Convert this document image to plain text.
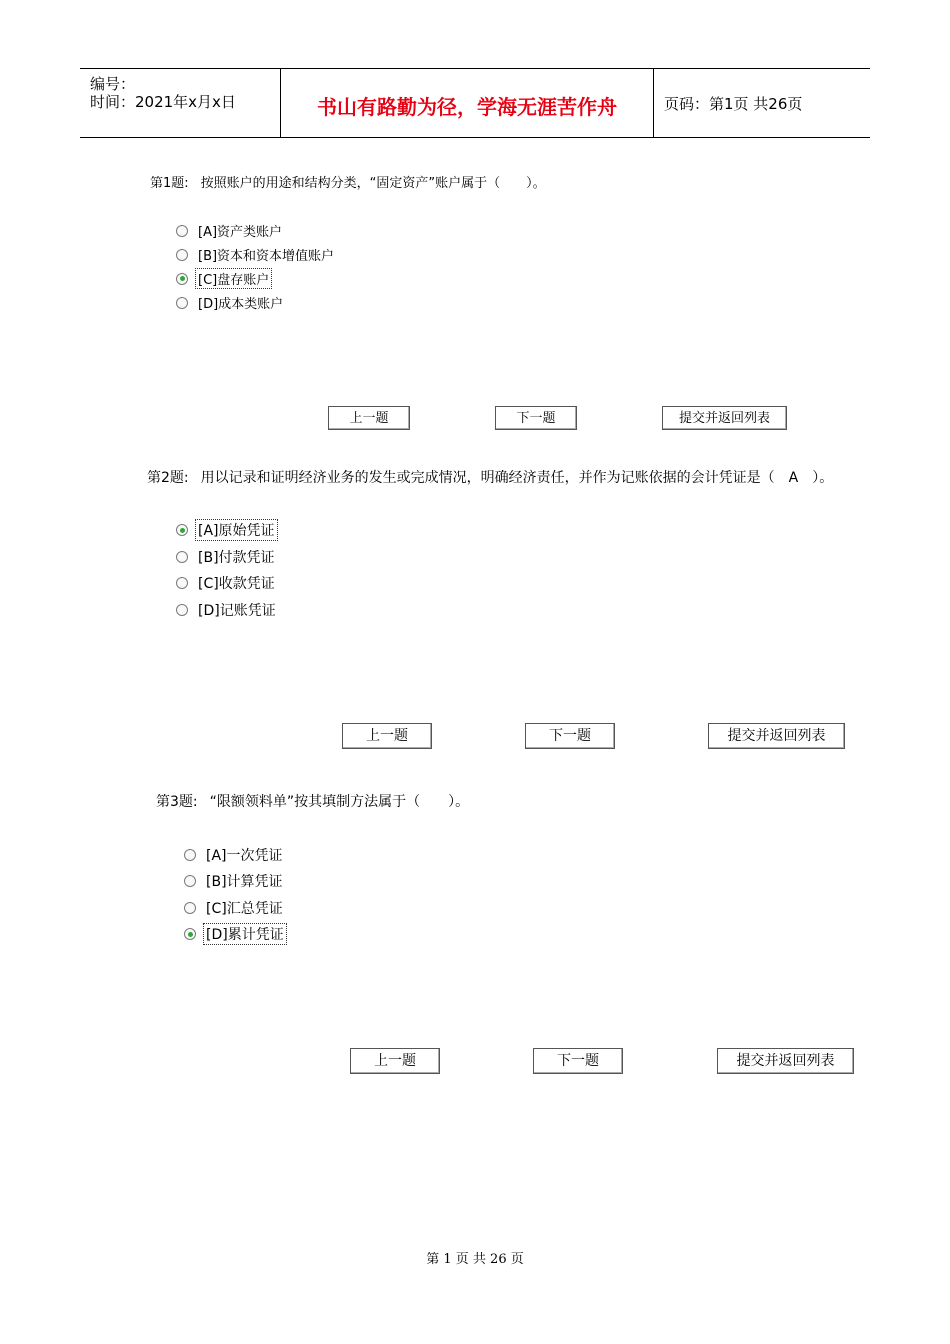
编号：
时间：2021年x月x日	书山有路勤为径，学海无涯苦作舟	页码：第1页 共26页
第1题: 按照账户的用途和结构分类，“固定资产”账户属于（　　）。
[A]资产类账户
[B]资本和资本增值账户
[C]盘存账户
[D]成本类账户
上一题	下一题	提交并返回列表
第2题: 用以记录和证明经济业务的发生或完成情况，明确经济责任，并作为记账依据的会计凭证是（　A　）。
[A]原始凭证
[B]付款凭证
[C]收款凭证
[D]记账凭证
上一题	下一题	提交并返回列表
第3题: “限额领料单”按其填制方法属于（　　）。
[A]一次凭证
[B]计算凭证
[C]汇总凭证
[D]累计凭证
上一题	下一题	提交并返回列表
第 1 页 共 26 页
